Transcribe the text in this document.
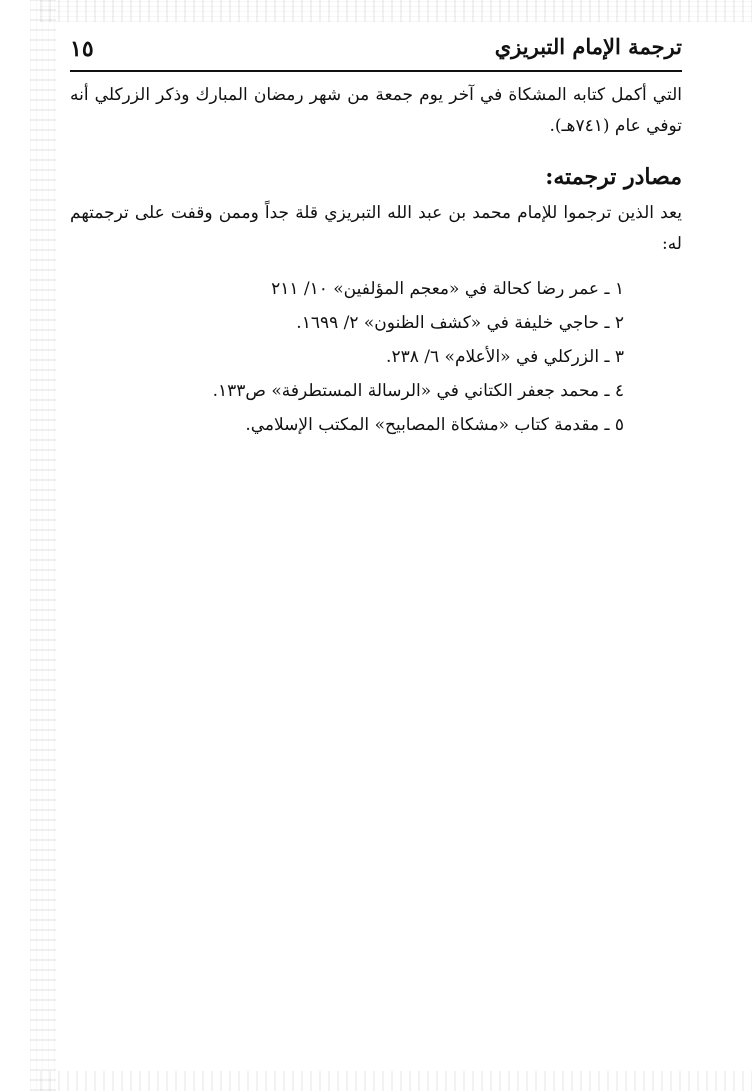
١٥	ترجمة الإمام التبريزي

التي أكمل كتابه المشكاة في آخر يوم جمعة من شهر رمضان المبارك وذكر الزركلي أنه توفي عام (٧٤١هـ).

مصادر ترجمته:

يعد الذين ترجموا للإمام محمد بن عبد الله التبريزي قلة جداً وممن وقفت على ترجمتهم له:

١ ـ عمر رضا كحالة في «معجم المؤلفين» ١٠/ ٢١١
٢ ـ حاجي خليفة في «كشف الظنون» ٢/ ١٦٩٩.
٣ ـ الزركلي في «الأعلام» ٦/ ٢٣٨.
٤ ـ محمد جعفر الكتاني في «الرسالة المستطرفة» ص١٣٣.
٥ ـ مقدمة كتاب «مشكاة المصابيح» المكتب الإسلامي.
